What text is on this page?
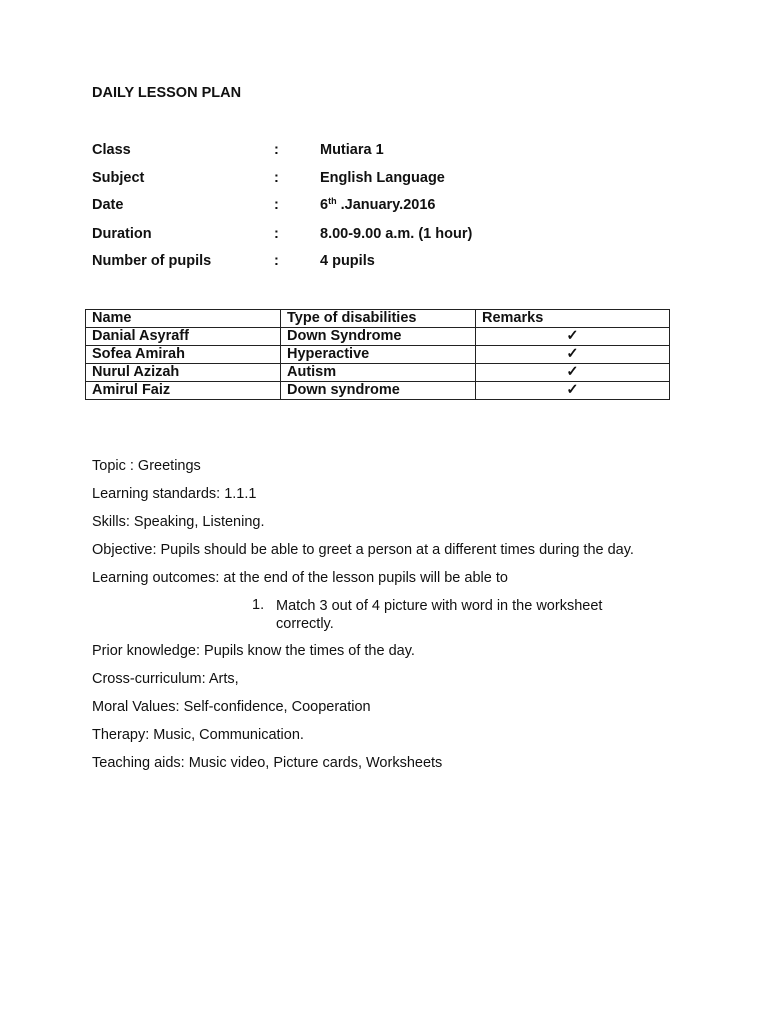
DAILY LESSON PLAN
Class	:	Mutiara 1
Subject	:	English Language
Date	:	6th .January.2016
Duration	:	8.00-9.00 a.m. (1 hour)
Number of pupils	:	4 pupils
Name	Type of disabilities	Remarks
Danial Asyraff	Down Syndrome	✓
Sofea Amirah	Hyperactive	✓
Nurul Azizah	Autism	✓
Amirul Faiz	Down syndrome	✓
Topic : Greetings
Learning standards: 1.1.1
Skills: Speaking, Listening.
Objective: Pupils should be able to greet a person at a different times during the day.
Learning outcomes: at the end of the lesson pupils will be able to
1. Match 3 out of 4 picture with word in the worksheet correctly.
Prior knowledge: Pupils know the times of the day.
Cross-curriculum: Arts,
Moral Values: Self-confidence, Cooperation
Therapy: Music, Communication.
Teaching aids: Music video, Picture cards, Worksheets
